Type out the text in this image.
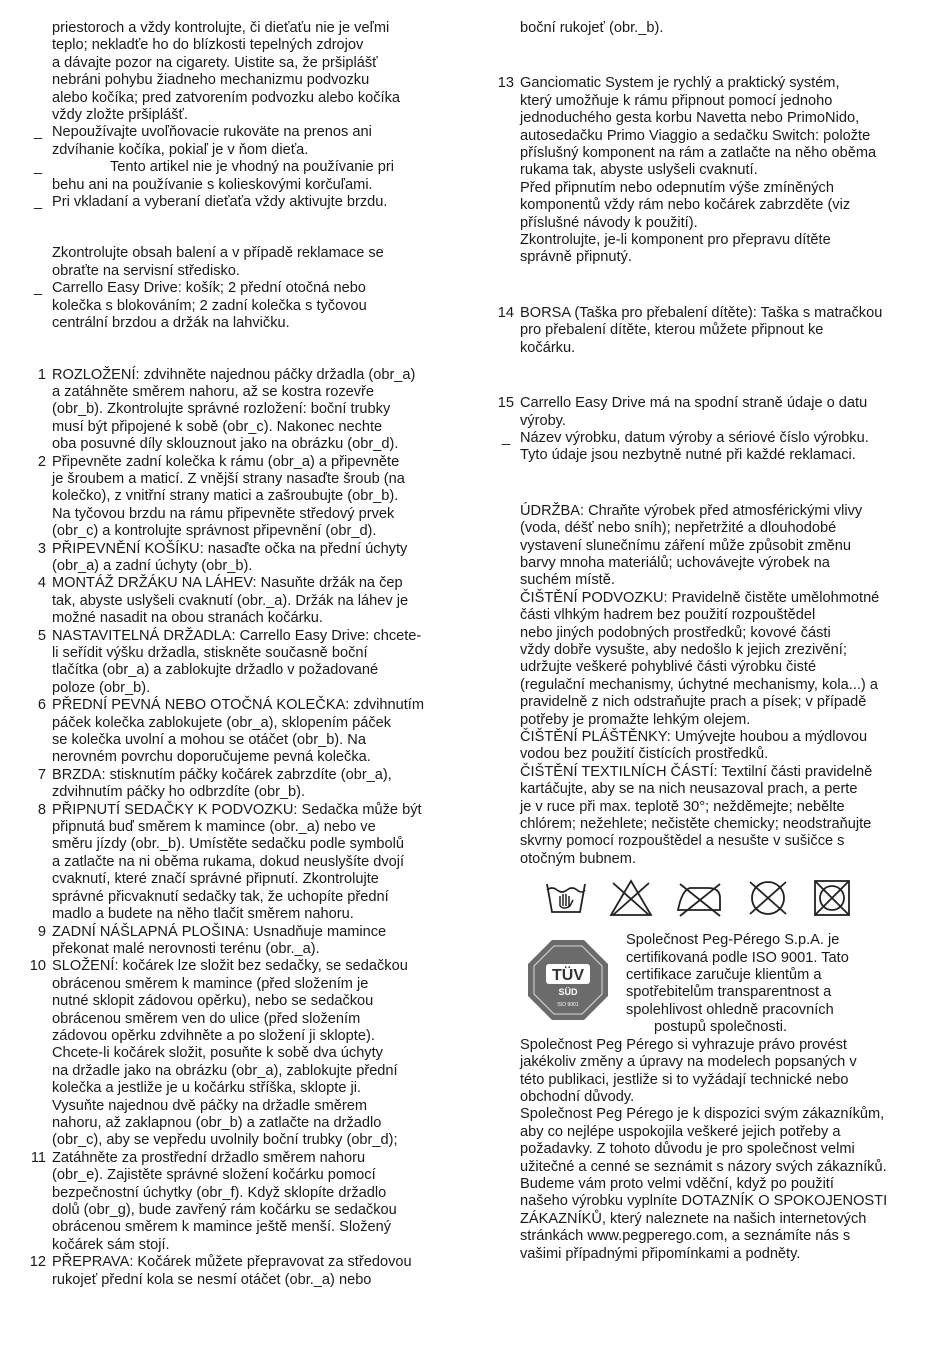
priestoroch a vždy kontrolujte, či dieťaťu nie je veľmi
teplo; nekladťe ho do blízkosti tepelných zdrojov
a dávajte pozor na cigarety. Uistite sa, že pršiplášť
nebráni pohybu žiadneho mechanizmu podvozku
alebo kočíka; pred zatvorením podvozku alebo kočíka
vždy zložte pršiplášť.
_ Nepoužívajte uvoľňovacie rukoväte na prenos ani
zdvíhanie kočíka, pokiaľ je v ňom dieťa.
_	Tento artikel nie je vhodný na používanie pri
behu ani na používanie s kolieskovými korčuľami.
_ Pri vkladaní a vyberaní dieťaťa vždy aktivujte brzdu.
Zkontrolujte obsah balení a v případě reklamace se
obraťte na servisní středisko.
_ Carrello Easy Drive: košík; 2 přední otočná nebo
kolečka s blokováním; 2 zadní kolečka s tyčovou
centrální brzdou a držák na lahvičku.
1 ROZLOŽENÍ: zdvihněte najednou páčky držadla (obr_a)
a zatáhněte směrem nahoru, až se kostra rozevře
(obr_b). Zkontrolujte správné rozložení: boční trubky
musí být připojené k sobě (obr_c). Nakonec nechte
oba posuvné díly sklouznout jako na obrázku (obr_d).
2 Připevněte zadní kolečka k rámu (obr_a) a připevněte
je šroubem a maticí. Z vnější strany nasaďte šroub (na
kolečko), z vnitřní strany matici a zašroubujte (obr_b).
Na tyčovou brzdu na rámu připevněte středový prvek
(obr_c) a kontrolujte správnost připevnění (obr_d).
3 PŘIPEVNĚNÍ KOŠÍKU: nasaďte očka na přední úchyty
(obr_a) a zadní úchyty (obr_b).
4 MONTÁŽ DRŽÁKU NA LÁHEV: Nasuňte držák na čep
tak, abyste uslyšeli cvaknutí (obr._a). Držák na láhev je
možné nasadit na obou stranách kočárku.
5 NASTAVITELNÁ DRŽADLA: Carrello Easy Drive: chcete-
li seřídit výšku držadla, stiskněte současně boční
tlačítka (obr_a) a zablokujte držadlo v požadované
poloze (obr_b).
6 PŘEDNÍ PEVNÁ NEBO OTOČNÁ KOLEČKA: zdvihnutím
páček kolečka zablokujete (obr_a), sklopením páček
se kolečka uvolní a mohou se otáčet (obr_b). Na
nerovném povrchu doporučujeme pevná kolečka.
7 BRZDA: stisknutím páčky kočárek zabrzdíte (obr_a),
zdvihnutím páčky ho odbrzdíte (obr_b).
8 PŘIPNUTÍ SEDAČKY K PODVOZKU: Sedačka může být
připnutá buď směrem k mamince (obr._a) nebo ve
směru jízdy (obr._b). Umístěte sedačku podle symbolů
a zatlačte na ni oběma rukama, dokud neuslyšíte dvojí
cvaknutí, které značí správné připnutí. Zkontrolujte
správné přicvaknutí sedačky tak, že uchopíte přední
madlo a budete na něho tlačit směrem nahoru.
9 ZADNÍ NÁŠLAPNÁ PLOŠINA: Usnadňuje mamince
překonat malé nerovnosti terénu (obr._a).
10 SLOŽENÍ: kočárek lze složit bez sedačky, se sedačkou
obrácenou směrem k mamince (před složením je
nutné sklopit zádovou opěrku), nebo se sedačkou
obrácenou směrem ven do ulice (před složením
zádovou opěrku zdvihněte a po složení ji sklopte).
Chcete-li kočárek složit, posuňte k sobě dva úchyty
na držadle jako na obrázku (obr_a), zablokujte přední
kolečka a jestliže je u kočárku stříška, sklopte ji.
Vysuňte najednou dvě páčky na držadle směrem
nahoru, až zaklapnou (obr_b) a zatlačte na držadlo
(obr_c), aby se vepředu uvolnily boční trubky (obr_d);
11 Zatáhněte za prostřední držadlo směrem nahoru
(obr_e). Zajistěte správné složení kočárku pomocí
bezpečnostní úchytky (obr_f). Když sklopíte držadlo
dolů (obr_g), bude zavřený rám kočárku se sedačkou
obrácenou směrem k mamince ještě menší. Složený
kočárek sám stojí.
12 PŘEPRAVA: Kočárek můžete přepravovat za středovou
rukojeť přední kola se nesmí otáčet (obr._a) nebo
boční rukojeť (obr._b).
13 Ganciomatic System je rychlý a praktický systém,
který umožňuje k rámu připnout pomocí jednoho
jednoduchého gesta korbu Navetta nebo PrimoNido,
autosedačku Primo Viaggio a sedačku Switch: položte
příslušný komponent na rám a zatlačte na něho oběma
rukama tak, abyste uslyšeli cvaknutí.
Před připnutím nebo odepnutím výše zmíněných
komponentů vždy rám nebo kočárek zabrzděte (viz
příslušné návody k použití).
Zkontrolujte, je-li komponent pro přepravu dítěte
správně připnutý.
14 BORSA (Taška pro přebalení dítěte): Taška s matračkou
pro přebalení dítěte, kterou můžete připnout ke
kočárku.
15 Carrello Easy Drive má na spodní straně údaje o datu
výroby.
_ Název výrobku, datum výroby a sériové číslo výrobku.
Tyto údaje jsou nezbytně nutné při každé reklamaci.
ÚDRŽBA: Chraňte výrobek před atmosférickými vlivy
(voda, déšť nebo sníh); nepřetržité a dlouhodobé
vystavení slunečnímu záření může způsobit změnu
barvy mnoha materiálů; uchovávejte výrobek na
suchém místě.
ČIŠTĚNÍ PODVOZKU: Pravidelně čistěte umělohmotné
části vlhkým hadrem bez použití rozpouštědel
nebo jiných podobných prostředků; kovové části
vždy dobře vysušte, aby nedošlo k jejich zrezivění;
udržujte veškeré pohyblivé části výrobku čisté
(regulační mechanismy, úchytné mechanismy, kola...) a
pravidelně z nich odstraňujte prach a písek; v případě
potřeby je promažte lehkým olejem.
ČIŠTĚNÍ PLÁŠTĚNKY: Umývejte houbou a mýdlovou
vodou bez použití čistících prostředků.
ČIŠTĚNÍ TEXTILNÍCH ČÁSTÍ: Textilní části pravidelně
kartáčujte, aby se na nich neusazoval prach, a perte
je v ruce při max. teplotě 30°; nežděmejte; nebělte
chlórem; nežehlete; nečistěte chemicky; neodstraňujte
skvrny pomocí rozpouštědel a nesušte v sušičce s
otočným bubnem.
TÜV
SÜD
ISO 9001
Společnost Peg-Pérego S.p.A. je
certifikovaná podle ISO 9001. Tato
certifikace zaručuje klientům a
spotřebitelům transparentnost a
spolehlivost ohledně pracovních
postupů společnosti.
Společnost Peg Pérego si vyhrazuje právo provést
jakékoliv změny a úpravy na modelech popsaných v
této publikaci, jestliže si to vyžádají technické nebo
obchodní důvody.
Společnost Peg Pérego je k dispozici svým zákazníkům,
aby co nejlépe uspokojila veškeré jejich potřeby a
požadavky. Z tohoto důvodu je pro společnost velmi
užitečné a cenné se seznámit s názory svých zákazníků.
Budeme vám proto velmi vděční, když po použití
našeho výrobku vyplníte DOTAZNÍK O SPOKOJENOSTI
ZÁKAZNÍKŮ, který naleznete na našich internetových
stránkách www.pegperego.com, a seznámíte nás s
vašimi případnými připomínkami a podněty.
